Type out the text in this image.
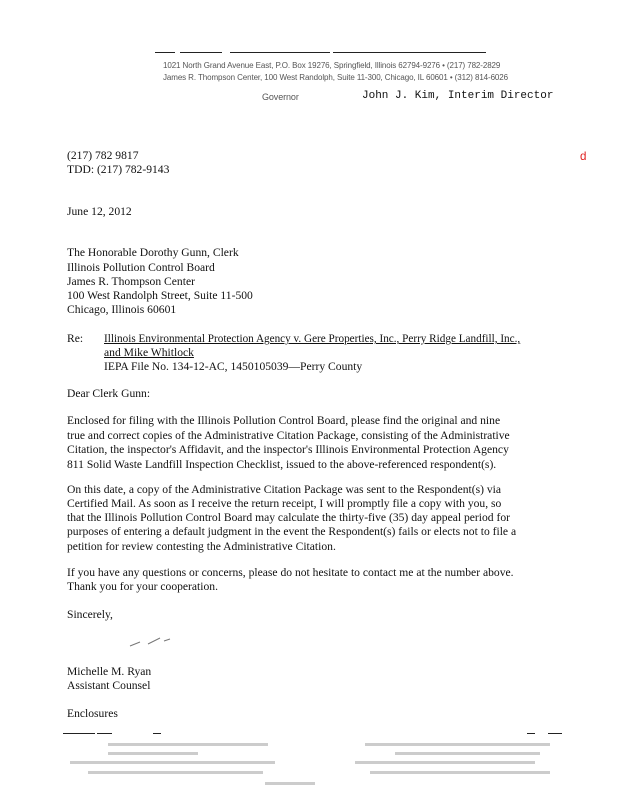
1021 North Grand Avenue East, P.O. Box 19276, Springfield, Illinois 62794-9276 • (217) 782-2829
James R. Thompson Center, 100 West Randolph, Suite 11-300, Chicago, IL 60601 • (312) 814-6026
Governor	John J. Kim, Interim Director
d
(217) 782 9817
TDD: (217) 782-9143
June 12, 2012
The Honorable Dorothy Gunn, Clerk
Illinois Pollution Control Board
James R. Thompson Center
100 West Randolph Street, Suite 11-500
Chicago, Illinois 60601
Re: Illinois Environmental Protection Agency v. Gere Properties, Inc., Perry Ridge Landfill, Inc.,
and Mike Whitlock
IEPA File No. 134-12-AC, 1450105039—Perry County
Dear Clerk Gunn:
Enclosed for filing with the Illinois Pollution Control Board, please find the original and nine
true and correct copies of the Administrative Citation Package, consisting of the Administrative
Citation, the inspector's Affidavit, and the inspector's Illinois Environmental Protection Agency
811 Solid Waste Landfill Inspection Checklist, issued to the above-referenced respondent(s).
On this date, a copy of the Administrative Citation Package was sent to the Respondent(s) via
Certified Mail. As soon as I receive the return receipt, I will promptly file a copy with you, so
that the Illinois Pollution Control Board may calculate the thirty-five (35) day appeal period for
purposes of entering a default judgment in the event the Respondent(s) fails or elects not to file a
petition for review contesting the Administrative Citation.
If you have any questions or concerns, please do not hesitate to contact me at the number above.
Thank you for your cooperation.
Sincerely,
Michelle M. Ryan
Assistant Counsel
Enclosures
